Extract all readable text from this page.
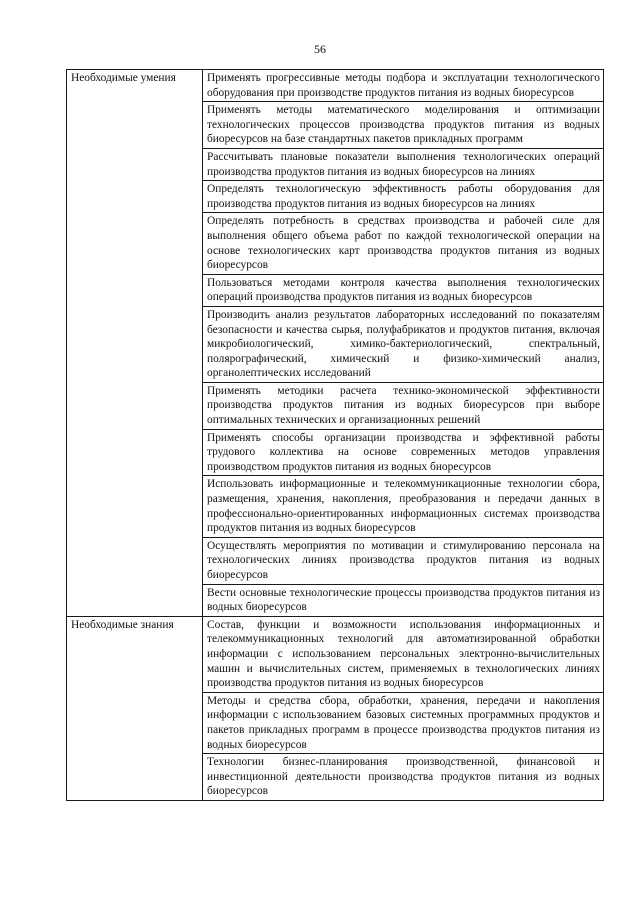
56
Необходимые умения	Применять прогрессивные методы подбора и эксплуатации технологического оборудования при производстве продуктов питания из водных биоресурсов
	Применять методы математического моделирования и оптимизации технологических процессов производства продуктов питания из водных биоресурсов на базе стандартных пакетов прикладных программ
	Рассчитывать плановые показатели выполнения технологических операций производства продуктов питания из водных биоресурсов на линиях
	Определять технологическую эффективность работы оборудования для производства продуктов питания из водных биоресурсов на линиях
	Определять потребность в средствах производства и рабочей силе для выполнения общего объема работ по каждой технологической операции на основе технологических карт производства продуктов питания из водных биоресурсов
	Пользоваться методами контроля качества выполнения технологических операций производства продуктов питания из водных биоресурсов
	Производить анализ результатов лабораторных исследований по показателям безопасности и качества сырья, полуфабрикатов и продуктов питания, включая микробиологический, химико-бактериологический, спектральный, полярографический, химический и физико-химический анализ, органолептических исследований
	Применять методики расчета технико-экономической эффективности производства продуктов питания из водных биоресурсов при выборе оптимальных технических и организационных решений
	Применять способы организации производства и эффективной работы трудового коллектива на основе современных методов управления производством продуктов питания из водных биоресурсов
	Использовать информационные и телекоммуникационные технологии сбора, размещения, хранения, накопления, преобразования и передачи данных в профессионально-ориентированных информационных системах производства продуктов питания из водных биоресурсов
	Осуществлять мероприятия по мотивации и стимулированию персонала на технологических линиях производства продуктов питания из водных биоресурсов
	Вести основные технологические процессы производства продуктов питания из водных биоресурсов
Необходимые знания	Состав, функции и возможности использования информационных и телекоммуникационных технологий для автоматизированной обработки информации с использованием персональных электронно-вычислительных машин и вычислительных систем, применяемых в технологических линиях производства продуктов питания из водных биоресурсов
	Методы и средства сбора, обработки, хранения, передачи и накопления информации с использованием базовых системных программных продуктов и пакетов прикладных программ в процессе производства продуктов питания из водных биоресурсов
	Технологии бизнес-планирования производственной, финансовой и инвестиционной деятельности производства продуктов питания из водных биоресурсов
